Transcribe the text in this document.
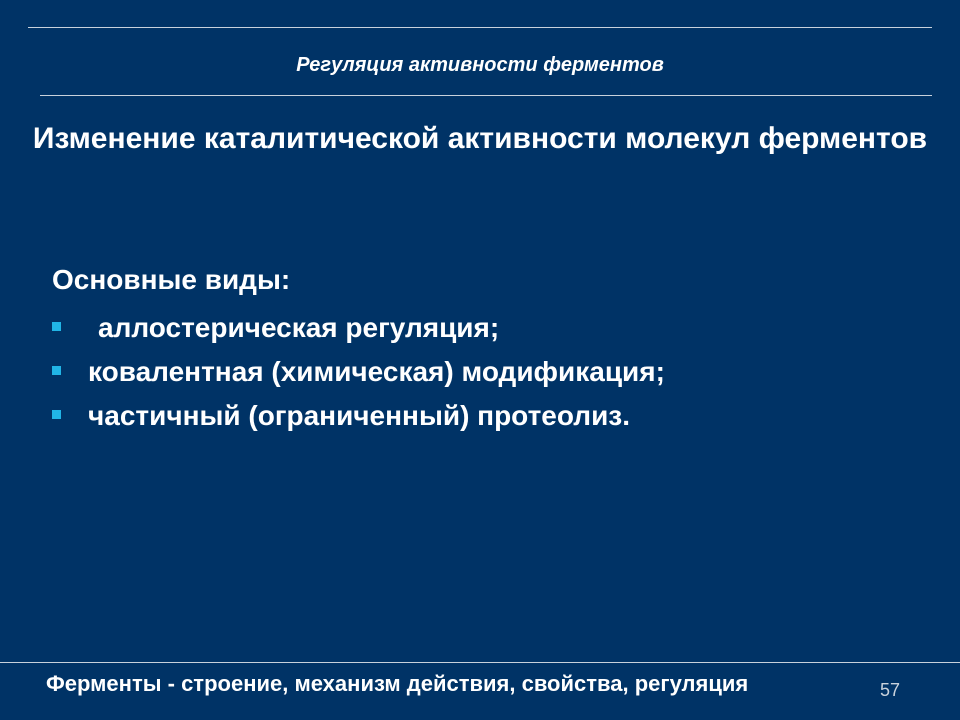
Регуляция активности ферментов
Изменение каталитической активности молекул ферментов
Основные виды:
аллостерическая регуляция;
ковалентная (химическая) модификация;
частичный (ограниченный) протеолиз.
Ферменты - строение, механизм действия, свойства, регуляция	57
